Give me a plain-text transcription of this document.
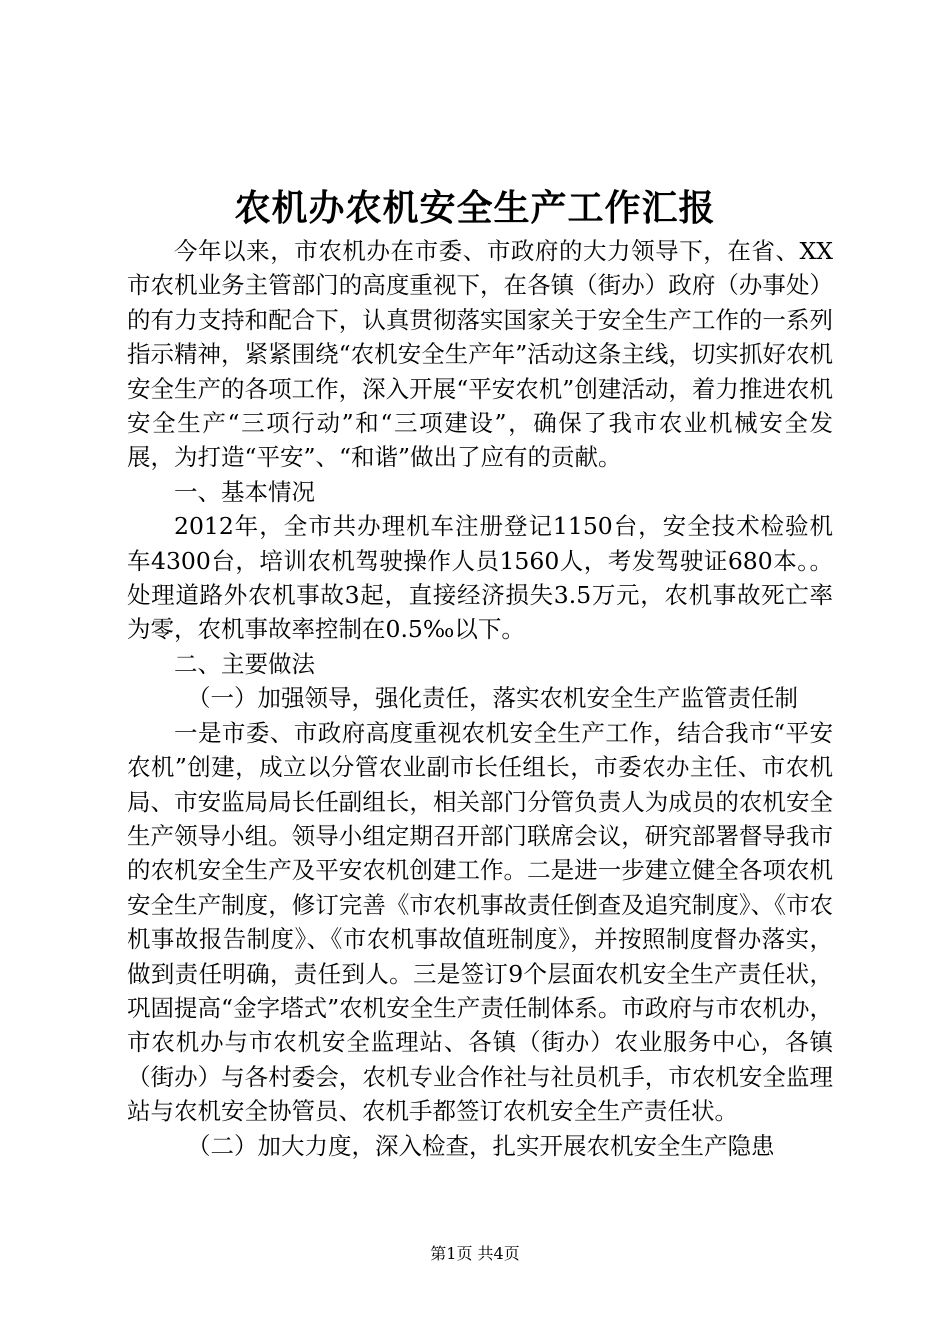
农机办农机安全生产工作汇报

今年以来，市农机办在市委、市政府的大力领导下，在省、XX市农机业务主管部门的高度重视下，在各镇（街办）政府（办事处）的有力支持和配合下，认真贯彻落实国家关于安全生产工作的一系列指示精神，紧紧围绕“农机安全生产年”活动这条主线，切实抓好农机安全生产的各项工作，深入开展“平安农机”创建活动，着力推进农机安全生产“三项行动”和“三项建设”，确保了我市农业机械安全发展，为打造“平安”、“和谐”做出了应有的贡献。

一、基本情况

2012年，全市共办理机车注册登记1150台，安全技术检验机车4300台，培训农机驾驶操作人员1560人，考发驾驶证680本。。处理道路外农机事故3起，直接经济损失3.5万元，农机事故死亡率为零，农机事故率控制在0.5‰以下。

二、主要做法

（一）加强领导，强化责任，落实农机安全生产监管责任制

一是市委、市政府高度重视农机安全生产工作，结合我市“平安农机”创建，成立以分管农业副市长任组长，市委农办主任、市农机局、市安监局局长任副组长，相关部门分管负责人为成员的农机安全生产领导小组。领导小组定期召开部门联席会议，研究部署督导我市的农机安全生产及平安农机创建工作。二是进一步建立健全各项农机安全生产制度，修订完善《市农机事故责任倒查及追究制度》、《市农机事故报告制度》、《市农机事故值班制度》，并按照制度督办落实，做到责任明确，责任到人。三是签订9个层面农机安全生产责任状，巩固提高“金字塔式”农机安全生产责任制体系。市政府与市农机办，市农机办与市农机安全监理站、各镇（街办）农业服务中心，各镇（街办）与各村委会，农机专业合作社与社员机手，市农机安全监理站与农机安全协管员、农机手都签订农机安全生产责任状。

（二）加大力度，深入检查，扎实开展农机安全生产隐患

第1页 共4页
